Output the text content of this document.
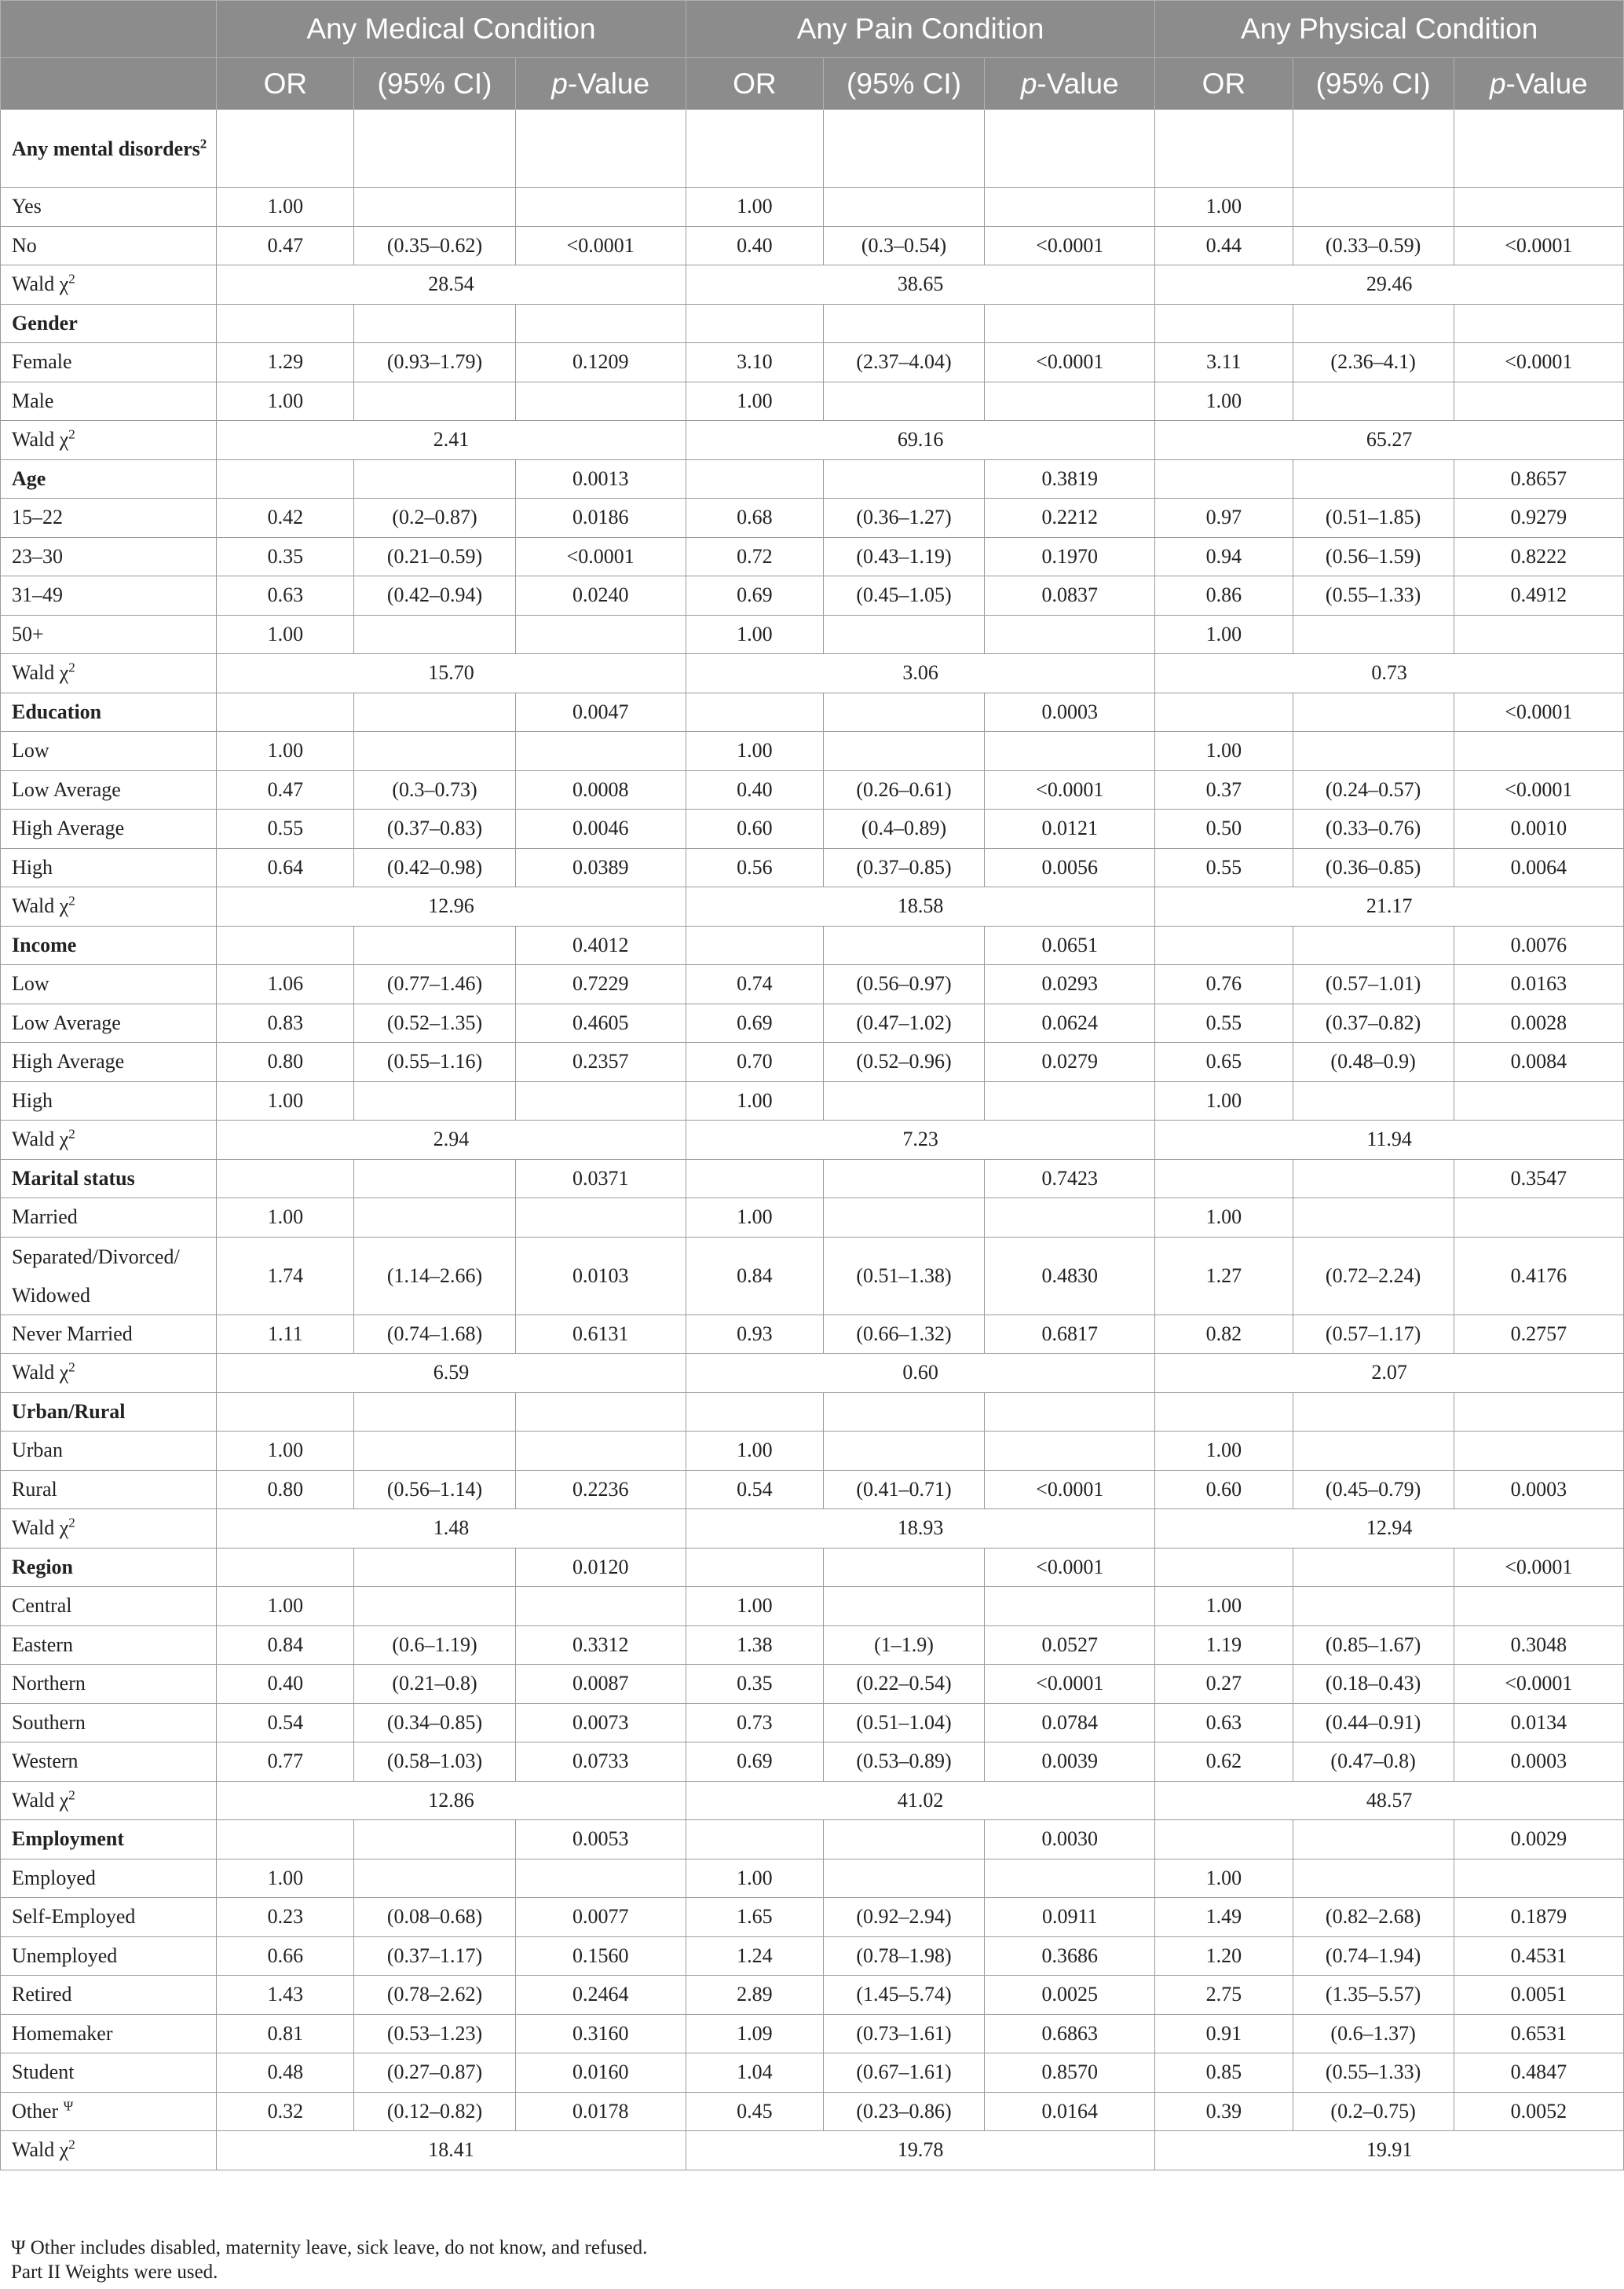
	Any Medical Condition			Any Pain Condition			Any Physical Condition		
	OR	(95% CI)	p-Value	OR	(95% CI)	p-Value	OR	(95% CI)	p-Value
Any mental disorders$^2$									
Yes	1.00			1.00			1.00		
No	0.47	(0.35–0.62)	<0.0001	0.40	(0.3–0.54)	<0.0001	0.44	(0.33–0.59)	<0.0001
Wald $\chi^2$	28.54			38.65			29.46		
Gender									
Female	1.29	(0.93–1.79)	0.1209	3.10	(2.37–4.04)	<0.0001	3.11	(2.36–4.1)	<0.0001
Male	1.00			1.00			1.00		
Wald $\chi^2$	2.41			69.16			65.27		
Age			0.0013			0.3819			0.8657
15–22	0.42	(0.2–0.87)	0.0186	0.68	(0.36–1.27)	0.2212	0.97	(0.51–1.85)	0.9279
23–30	0.35	(0.21–0.59)	<0.0001	0.72	(0.43–1.19)	0.1970	0.94	(0.56–1.59)	0.8222
31–49	0.63	(0.42–0.94)	0.0240	0.69	(0.45–1.05)	0.0837	0.86	(0.55–1.33)	0.4912
50+	1.00			1.00			1.00		
Wald $\chi^2$	15.70			3.06			0.73		
Education			0.0047			0.0003			<0.0001
Low	1.00			1.00			1.00		
Low Average	0.47	(0.3–0.73)	0.0008	0.40	(0.26–0.61)	<0.0001	0.37	(0.24–0.57)	<0.0001
High Average	0.55	(0.37–0.83)	0.0046	0.60	(0.4–0.89)	0.0121	0.50	(0.33–0.76)	0.0010
High	0.64	(0.42–0.98)	0.0389	0.56	(0.37–0.85)	0.0056	0.55	(0.36–0.85)	0.0064
Wald $\chi^2$	12.96			18.58			21.17		
Income			0.4012			0.0651			0.0076
Low	1.06	(0.77–1.46)	0.7229	0.74	(0.56–0.97)	0.0293	0.76	(0.57–1.01)	0.0163
Low Average	0.83	(0.52–1.35)	0.4605	0.69	(0.47–1.02)	0.0624	0.55	(0.37–0.82)	0.0028
High Average	0.80	(0.55–1.16)	0.2357	0.70	(0.52–0.96)	0.0279	0.65	(0.48–0.9)	0.0084
High	1.00			1.00			1.00		
Wald $\chi^2$	2.94			7.23			11.94		
Marital status			0.0371			0.7423			0.3547
Married	1.00			1.00			1.00		
Separated/Divorced/ Widowed	1.74	(1.14–2.66)	0.0103	0.84	(0.51–1.38)	0.4830	1.27	(0.72–2.24)	0.4176
Never Married	1.11	(0.74–1.68)	0.6131	0.93	(0.66–1.32)	0.6817	0.82	(0.57–1.17)	0.2757
Wald $\chi^2$	6.59			0.60			2.07		
Urban/Rural									
Urban	1.00			1.00			1.00		
Rural	0.80	(0.56–1.14)	0.2236	0.54	(0.41–0.71)	<0.0001	0.60	(0.45–0.79)	0.0003
Wald $\chi^2$	1.48			18.93			12.94		
Region			0.0120			<0.0001			<0.0001
Central	1.00			1.00			1.00		
Eastern	0.84	(0.6–1.19)	0.3312	1.38	(1–1.9)	0.0527	1.19	(0.85–1.67)	0.3048
Northern	0.40	(0.21–0.8)	0.0087	0.35	(0.22–0.54)	<0.0001	0.27	(0.18–0.43)	<0.0001
Southern	0.54	(0.34–0.85)	0.0073	0.73	(0.51–1.04)	0.0784	0.63	(0.44–0.91)	0.0134
Western	0.77	(0.58–1.03)	0.0733	0.69	(0.53–0.89)	0.0039	0.62	(0.47–0.8)	0.0003
Wald $\chi^2$	12.86			41.02			48.57		
Employment			0.0053			0.0030			0.0029
Employed	1.00			1.00			1.00		
Self-Employed	0.23	(0.08–0.68)	0.0077	1.65	(0.92–2.94)	0.0911	1.49	(0.82–2.68)	0.1879
Unemployed	0.66	(0.37–1.17)	0.1560	1.24	(0.78–1.98)	0.3686	1.20	(0.74–1.94)	0.4531
Retired	1.43	(0.78–2.62)	0.2464	2.89	(1.45–5.74)	0.0025	2.75	(1.35–5.57)	0.0051
Homemaker	0.81	(0.53–1.23)	0.3160	1.09	(0.73–1.61)	0.6863	0.91	(0.6–1.37)	0.6531
Student	0.48	(0.27–0.87)	0.0160	1.04	(0.67–1.61)	0.8570	0.85	(0.55–1.33)	0.4847
Other $^\Psi$	0.32	(0.12–0.82)	0.0178	0.45	(0.23–0.86)	0.0164	0.39	(0.2–0.75)	0.0052
Wald $\chi^2$	18.41			19.78			19.91		
Ψ Other includes disabled, maternity leave, sick leave, do not know, and refused.
Part II Weights were used.
